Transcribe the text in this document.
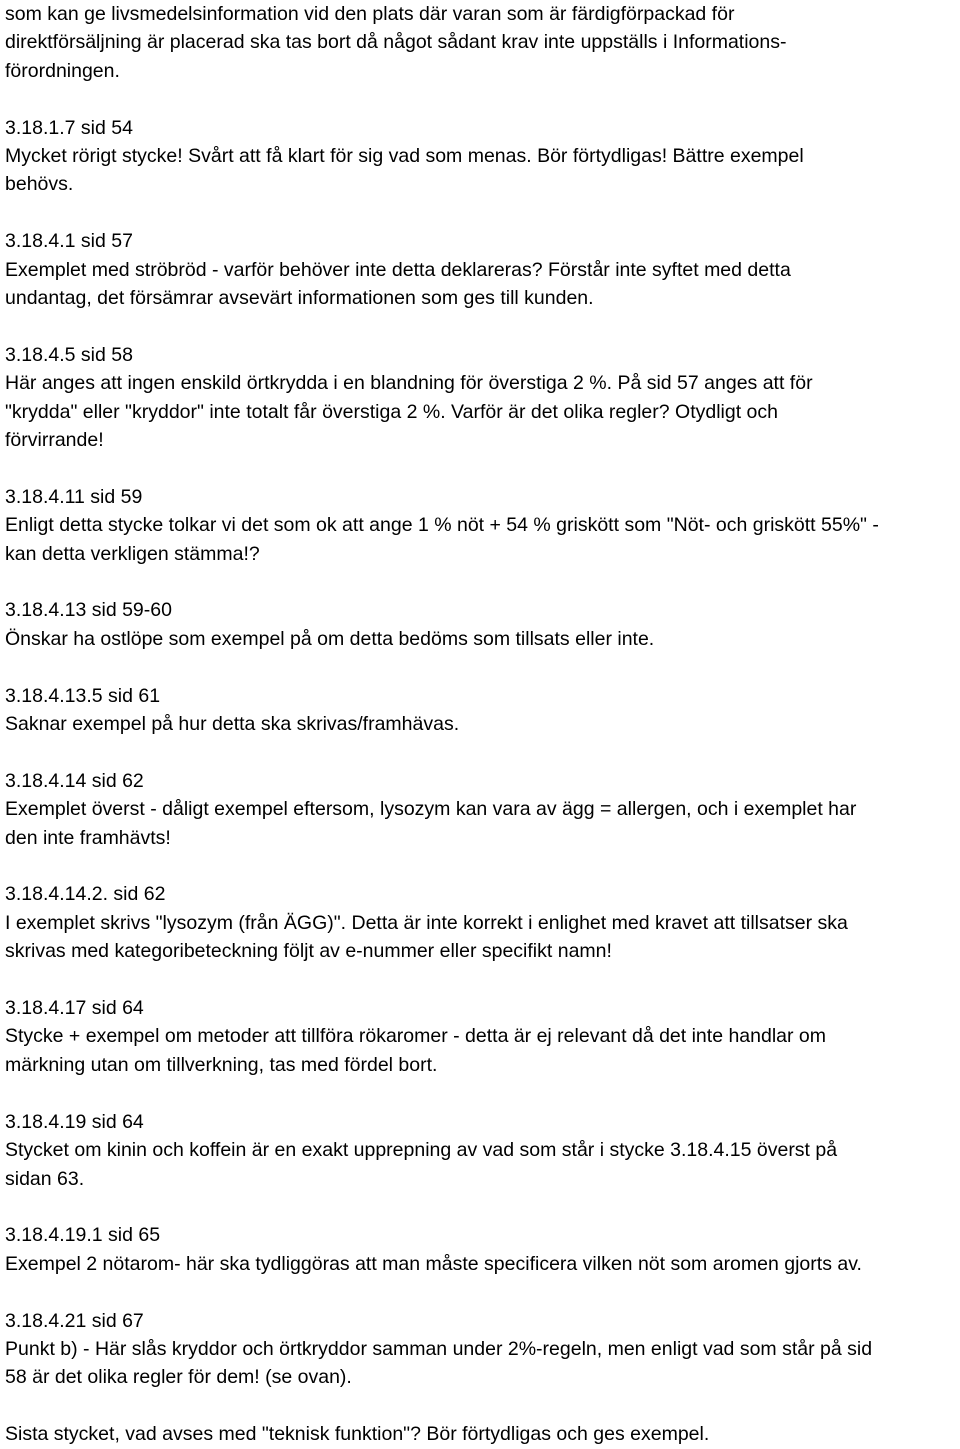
som kan ge livsmedelsinformation vid den plats där varan som är färdigförpackad för
direktförsäljning är placerad ska tas bort då något sådant krav inte uppställs i Informations-
förordningen.
3.18.1.7 sid 54
Mycket rörigt stycke! Svårt att få klart för sig vad som menas. Bör förtydligas! Bättre exempel
behövs.
3.18.4.1 sid 57
Exemplet med ströbröd - varför behöver inte detta deklareras? Förstår inte syftet med detta
undantag, det försämrar avsevärt informationen som ges till kunden.
3.18.4.5 sid 58
Här anges att ingen enskild örtkrydda i en blandning för överstiga 2 %. På sid 57 anges att för
"krydda" eller "kryddor" inte totalt får överstiga 2 %. Varför är det olika regler? Otydligt och
förvirrande!
3.18.4.11 sid 59
Enligt detta stycke tolkar vi det som ok att ange 1 % nöt + 54 % griskött som "Nöt- och griskött 55%" -
kan detta verkligen stämma!?
3.18.4.13 sid 59-60
Önskar ha ostlöpe som exempel på om detta bedöms som tillsats eller inte.
3.18.4.13.5 sid 61
Saknar exempel på hur detta ska skrivas/framhävas.
3.18.4.14 sid 62
Exemplet överst - dåligt exempel eftersom, lysozym kan vara av ägg = allergen, och i exemplet har
den inte framhävts!
3.18.4.14.2. sid 62
I exemplet skrivs "lysozym (från ÄGG)". Detta är inte korrekt i enlighet med kravet att tillsatser ska
skrivas med kategoribeteckning följt av e-nummer eller specifikt namn!
3.18.4.17 sid 64
Stycke + exempel om metoder att tillföra rökaromer - detta är ej relevant då det inte handlar om
märkning utan om tillverkning, tas med fördel bort.
3.18.4.19 sid 64
Stycket om kinin och koffein är en exakt upprepning av vad som står i stycke 3.18.4.15 överst på
sidan 63.
3.18.4.19.1 sid 65
Exempel 2 nötarom- här ska tydliggöras att man måste specificera vilken nöt som aromen gjorts av.
3.18.4.21 sid 67
Punkt b) - Här slås kryddor och örtkryddor samman under 2%-regeln, men enligt vad som står på sid
58 är det olika regler för dem! (se ovan).
Sista stycket, vad avses med "teknisk funktion"? Bör förtydligas och ges exempel.
